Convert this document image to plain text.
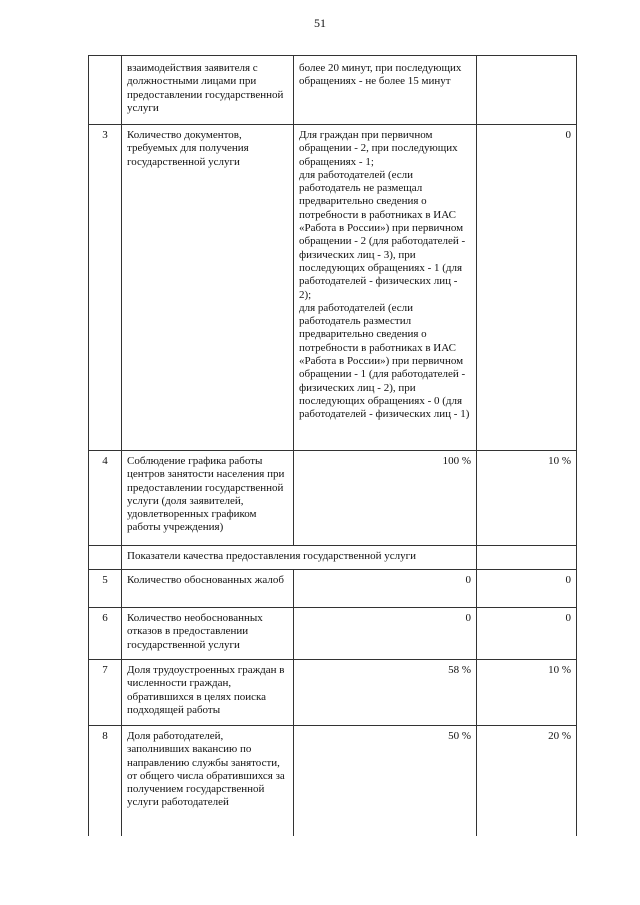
51
	взаимодействия заявителя с должностными лицами при предоставлении государственной услуги	более 20 минут, при последующих обращениях - не более 15 минут	
3	Количество документов, требуемых для получения государственной услуги	Для граждан при первичном обращении - 2, при последующих обращениях - 1;
для работодателей (если работодатель не размещал предварительно сведения о потребности в работниках в ИАС «Работа в России») при первичном обращении - 2 (для работодателей - физических лиц - 3), при последующих обращениях - 1 (для работодателей - физических лиц - 2);
для работодателей (если работодатель разместил предварительно сведения о потребности в работниках в ИАС «Работа в России») при первичном обращении - 1 (для работодателей - физических лиц - 2), при последующих обращениях - 0 (для работодателей - физических лиц - 1)	0
4	Соблюдение графика работы центров занятости населения при предоставлении государственной услуги (доля заявителей, удовлетворенных графиком работы учреждения)	100 %	10 %
	Показатели качества предоставления государственной услуги		
5	Количество обоснованных жалоб	0	0
6	Количество необоснованных отказов в предоставлении государственной услуги	0	0
7	Доля трудоустроенных граждан в численности граждан, обратившихся в целях поиска подходящей работы	58 %	10 %
8	Доля работодателей, заполнивших вакансию по направлению службы занятости, от общего числа обратившихся за получением государственной услуги работодателей	50 %	20 %
